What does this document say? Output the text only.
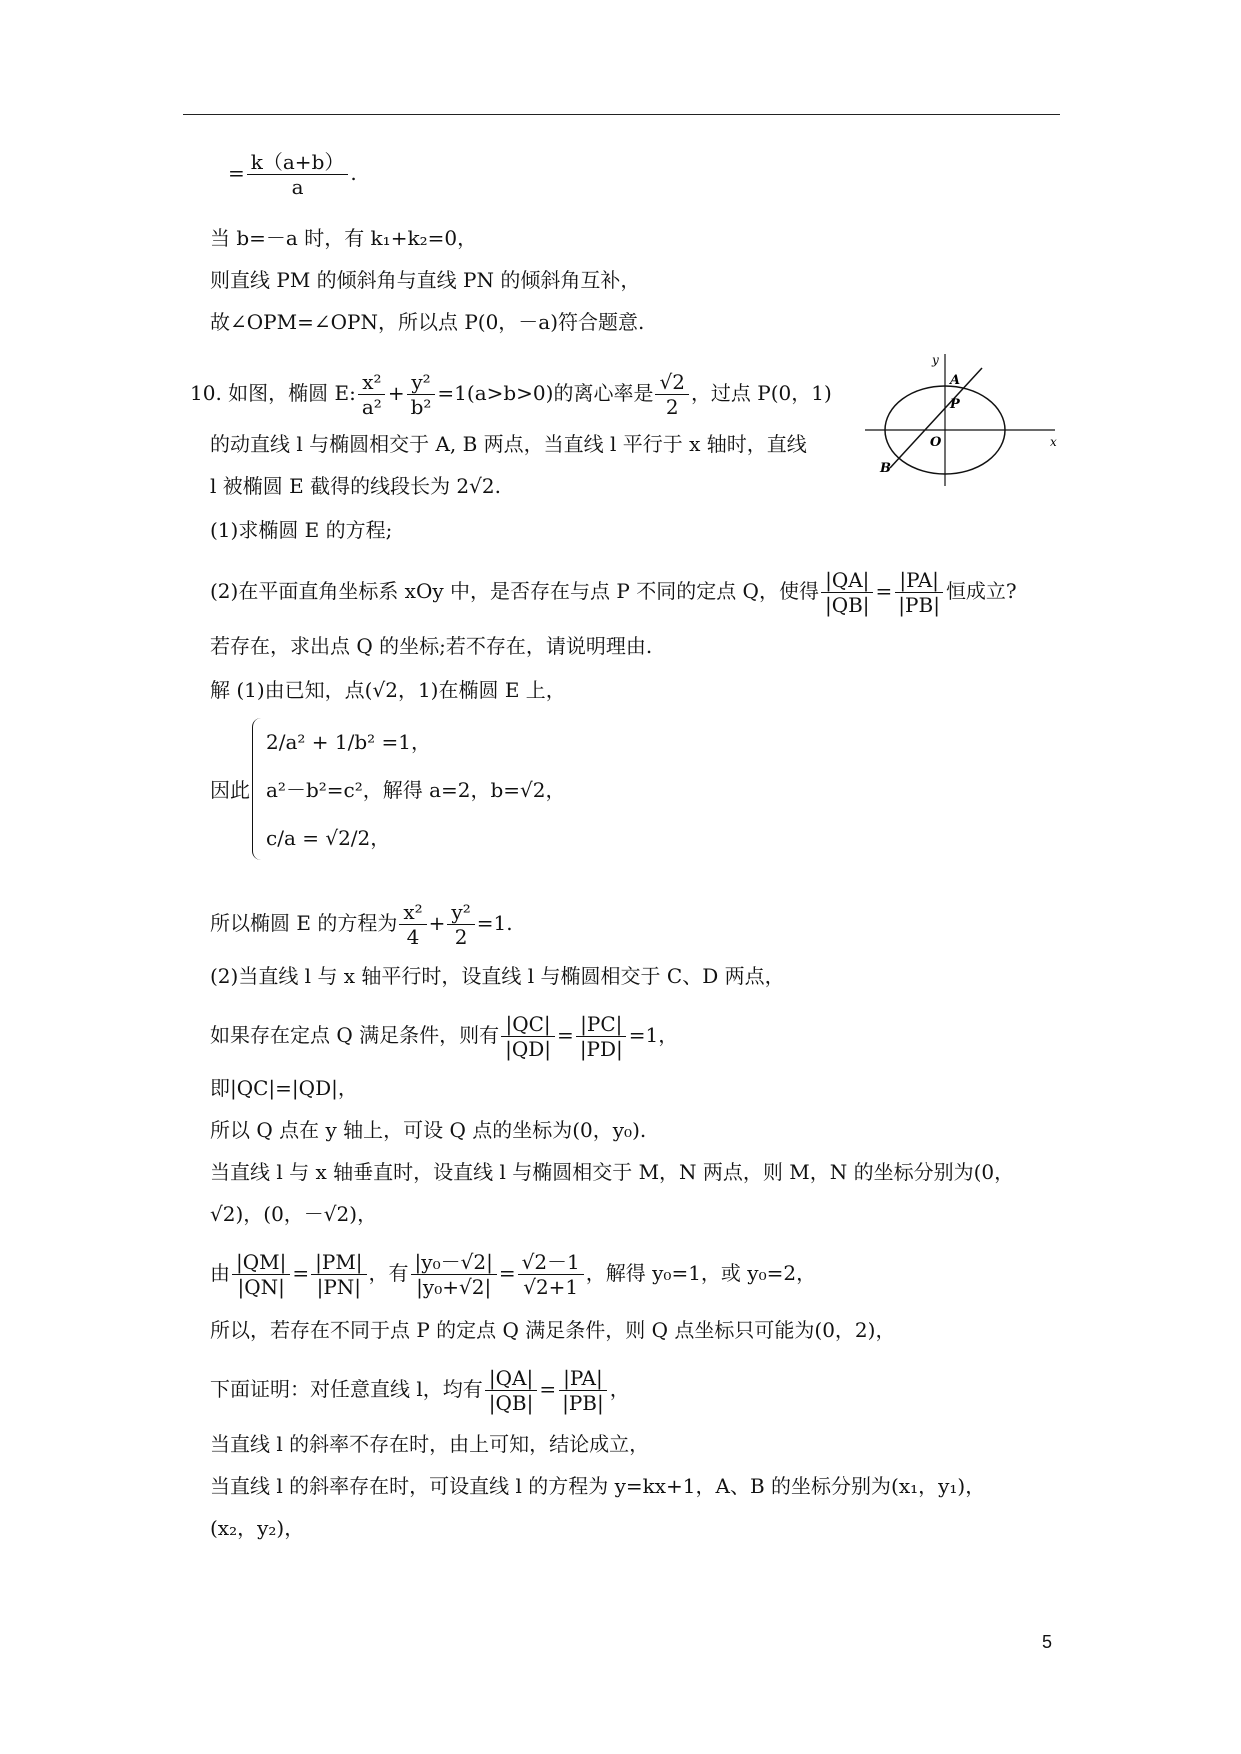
= $\frac{k(a+b)}{a}$ .
当 b=－a 时，有 k₁+k₂=0，
则直线 PM 的倾斜角与直线 PN 的倾斜角互补，
故∠OPM=∠OPN，所以点 P(0，－a)符合题意.
10. 如图，椭圆 E: $\frac{\text{x²}}{\text{a²}} + \frac{\text{y²}}{\text{b²}} =1(a>b>0)$的离心率是 $\frac{√2}{2}$ ，过点 P(0，1)
的动直线 l 与椭圆相交于 A, B 两点，当直线 l 平行于 x 轴时，直线
l 被椭圆 E 截得的线段长为 2√2.
(1)求椭圆 E 的方程;
(2)在平面直角坐标系 xOy 中，是否存在与点 P 不同的定点 Q，使得 $\frac{|QA|}{|QB|} = \frac{|PA|}{|PB|}$ 恒成立?
若存在，求出点 Q 的坐标;若不存在，请说明理由.
解 (1)由已知，点(√2，1)在椭圆 E 上，
因此
2/a² + 1/b² =1，
a²－b²=c²，解得 a=2，b=√2，
c/a = √2/2，
所以椭圆 E 的方程为 $\frac{\text{x²}}{4} + \frac{\text{y²}}{2} =1$.
(2)当直线 l 与 x 轴平行时，设直线 l 与椭圆相交于 C、D 两点，
如果存在定点 Q 满足条件，则有 $\frac{|QC|}{|QD|} = \frac{|PC|}{|PD|} =1$，
即|QC|=|QD|，
所以 Q 点在 y 轴上，可设 Q 点的坐标为(0，y₀).
当直线 l 与 x 轴垂直时，设直线 l 与椭圆相交于 M，N 两点，则 M，N 的坐标分别为(0，
√2)，(0，－√2)，
由 $\frac{|QM|}{|QN|} = \frac{|PM|}{|PN|}$ ，有 $\frac{\text{|y₀－√2|}}{\text{|y₀+√2|}} = \frac{√2-1}{√2+1}$ ，解得 y₀=1，或 y₀=2，
所以，若存在不同于点 P 的定点 Q 满足条件，则 Q 点坐标只可能为(0，2)，
下面证明：对任意直线 l，均有 $\frac{|QA|}{|QB|} = \frac{|PA|}{|PB|}$ ，
当直线 l 的斜率不存在时，由上可知，结论成立，
当直线 l 的斜率存在时，可设直线 l 的方程为 y=kx+1，A、B 的坐标分别为(x₁，y₁)，
(x₂，y₂)，
y
x
A
P
O
B
5
